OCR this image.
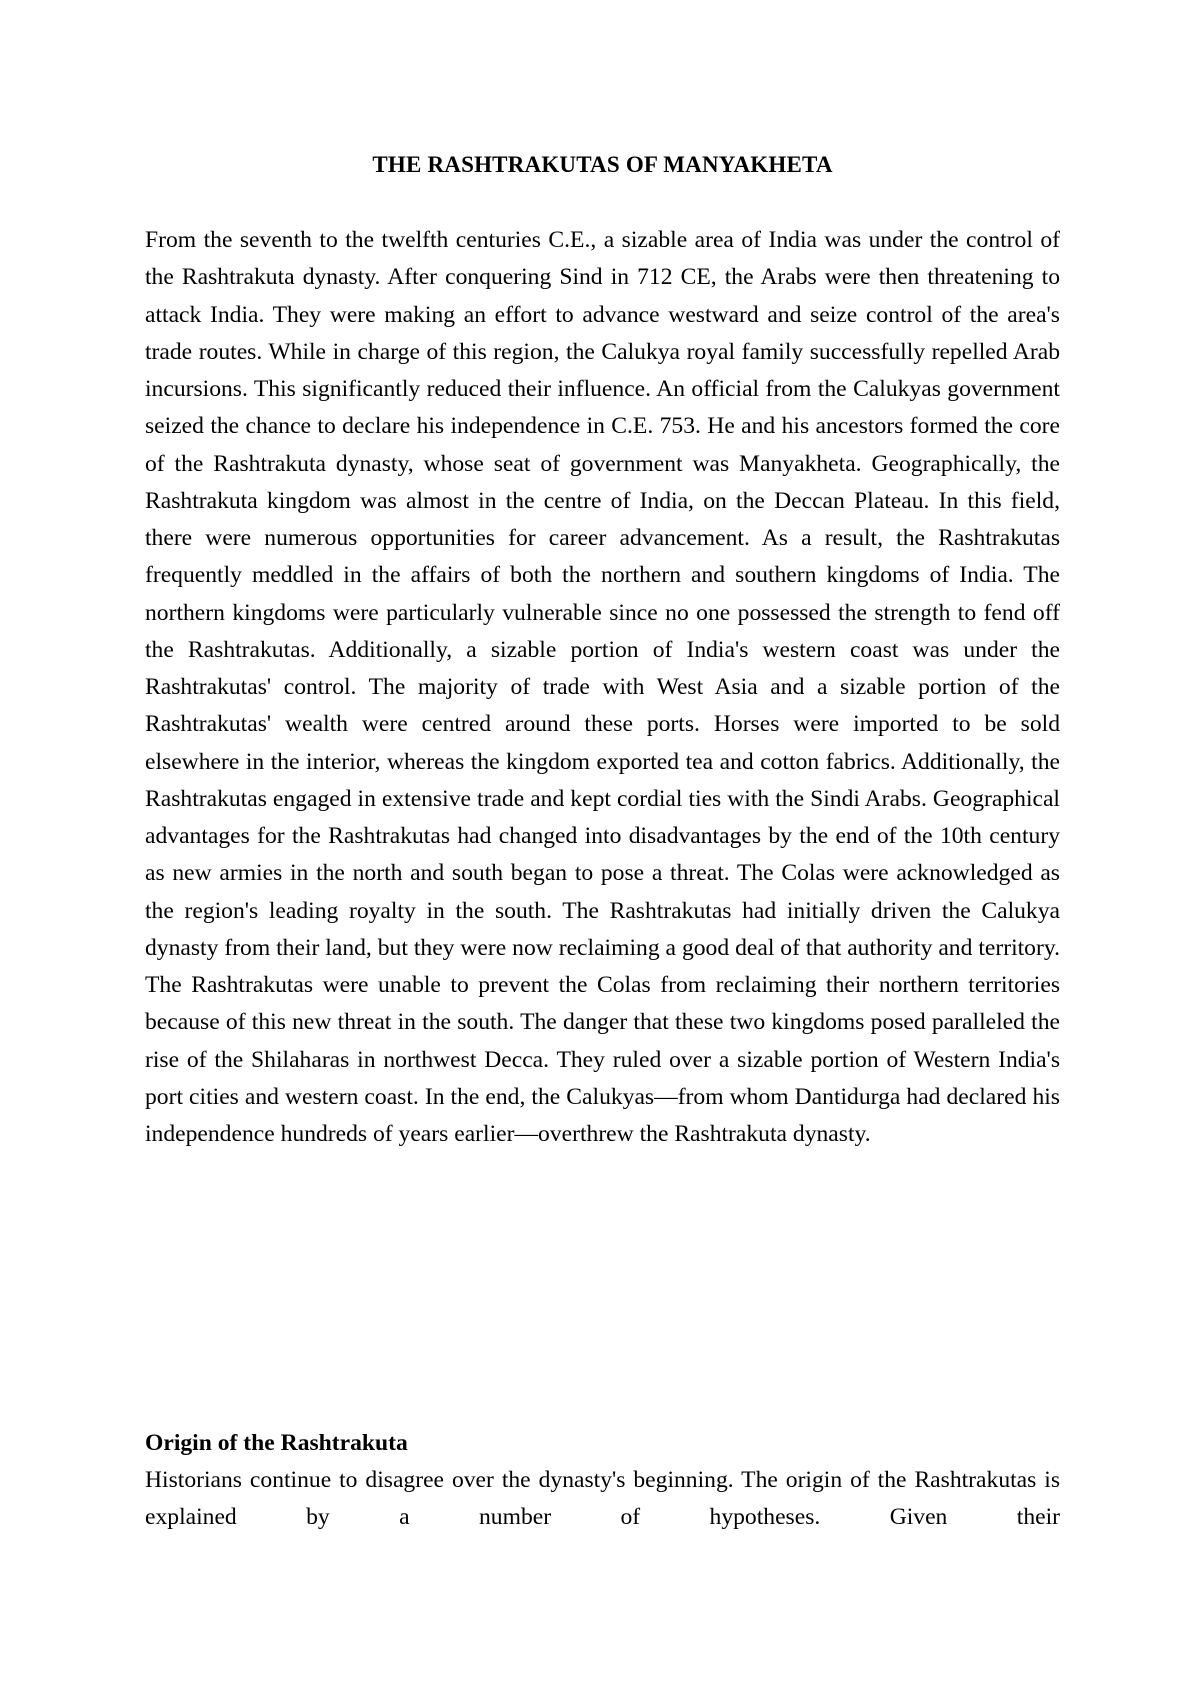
THE RASHTRAKUTAS OF MANYAKHETA

From the seventh to the twelfth centuries C.E., a sizable area of India was under the control of the Rashtrakuta dynasty. After conquering Sind in 712 CE, the Arabs were then threatening to attack India. They were making an effort to advance westward and seize control of the area's trade routes. While in charge of this region, the Calukya royal family successfully repelled Arab incursions. This significantly reduced their influence. An official from the Calukyas government seized the chance to declare his independence in C.E. 753. He and his ancestors formed the core of the Rashtrakuta dynasty, whose seat of government was Manyakheta. Geographically, the Rashtrakuta kingdom was almost in the centre of India, on the Deccan Plateau. In this field, there were numerous opportunities for career advancement. As a result, the Rashtrakutas frequently meddled in the affairs of both the northern and southern kingdoms of India. The northern kingdoms were particularly vulnerable since no one possessed the strength to fend off the Rashtrakutas. Additionally, a sizable portion of India's western coast was under the Rashtrakutas' control. The majority of trade with West Asia and a sizable portion of the Rashtrakutas' wealth were centred around these ports. Horses were imported to be sold elsewhere in the interior, whereas the kingdom exported tea and cotton fabrics. Additionally, the Rashtrakutas engaged in extensive trade and kept cordial ties with the Sindi Arabs. Geographical advantages for the Rashtrakutas had changed into disadvantages by the end of the 10th century as new armies in the north and south began to pose a threat. The Colas were acknowledged as the region's leading royalty in the south. The Rashtrakutas had initially driven the Calukya dynasty from their land, but they were now reclaiming a good deal of that authority and territory. The Rashtrakutas were unable to prevent the Colas from reclaiming their northern territories because of this new threat in the south. The danger that these two kingdoms posed paralleled the rise of the Shilaharas in northwest Decca. They ruled over a sizable portion of Western India's port cities and western coast. In the end, the Calukyas—from whom Dantidurga had declared his independence hundreds of years earlier—overthrew the Rashtrakuta dynasty.

Origin of the Rashtrakuta

Historians continue to disagree over the dynasty's beginning. The origin of the Rashtrakutas is explained by a number of hypotheses. Given their
